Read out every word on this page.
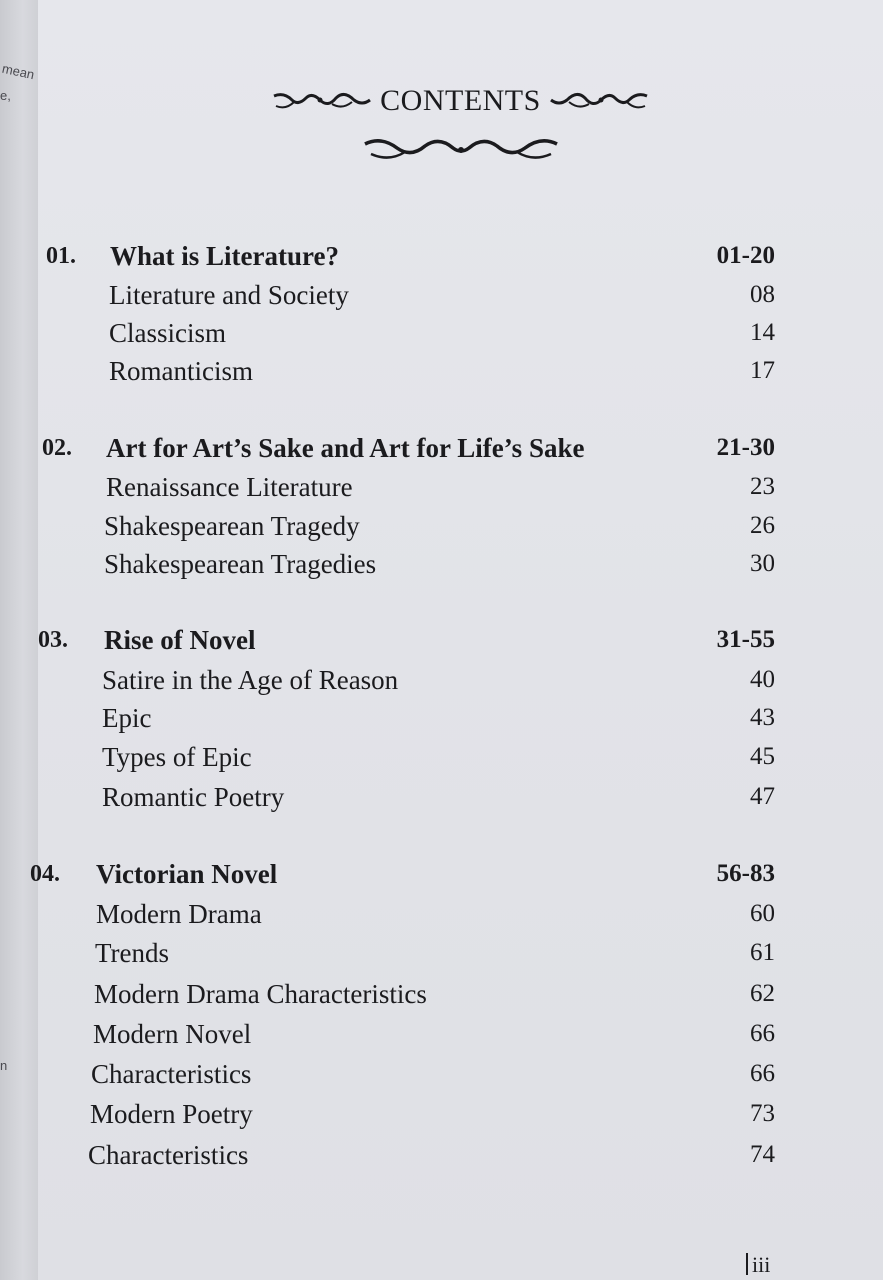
mean
e,
n
CONTENTS
01. What is Literature?	01-20
Literature and Society	08
Classicism	14
Romanticism	17
02. Art for Art’s Sake and Art for Life’s Sake	21-30
Renaissance Literature	23
Shakespearean Tragedy	26
Shakespearean Tragedies	30
03. Rise of Novel	31-55
Satire in the Age of Reason	40
Epic	43
Types of Epic	45
Romantic Poetry	47
04. Victorian Novel	56-83
Modern Drama	60
Trends	61
Modern Drama Characteristics	62
Modern Novel	66
Characteristics	66
Modern Poetry	73
Characteristics	74
iii
